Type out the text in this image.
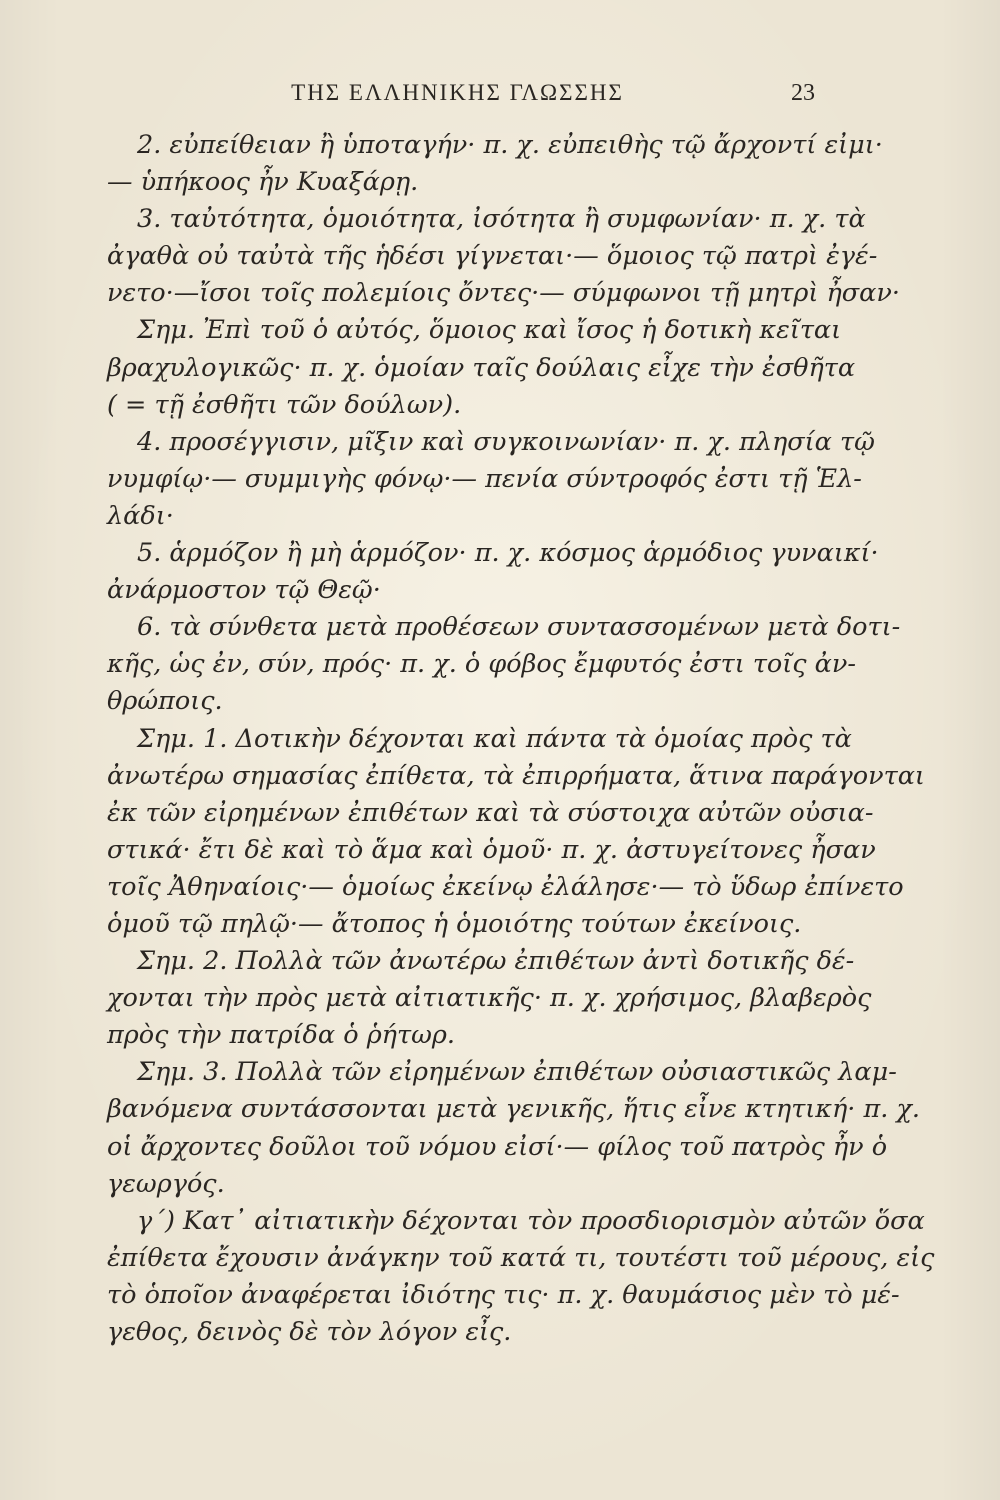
ΤΗΣ ΕΛΛΗΝΙΚΗΣ ΓΛΩΣΣΗΣ	23
2. εὐπείθειαν ἢ ὑποταγήν· π. χ. εὐπειθὴς τῷ ἄρχοντί εἰμι·
— ὑπήκοος ἦν Κυαξάρῃ.
3. ταὐτότητα, ὁμοιότητα, ἰσότητα ἢ συμφωνίαν· π. χ. τὰ
ἀγαθὰ οὐ ταὐτὰ τῆς ἡδέσι γίγνεται·— ὅμοιος τῷ πατρὶ ἐγέ-
νετο·—ἴσοι τοῖς πολεμίοις ὄντες·— σύμφωνοι τῇ μητρὶ ἦσαν·
Σημ. Ἐπὶ τοῦ ὁ αὐτός, ὅμοιος καὶ ἴσος ἡ δοτικὴ κεῖται
βραχυλογικῶς· π. χ. ὁμοίαν ταῖς δούλαις εἶχε τὴν ἐσθῆτα
( = τῇ ἐσθῆτι τῶν δούλων).
4. προσέγγισιν, μῖξιν καὶ συγκοινωνίαν· π. χ. πλησία τῷ
νυμφίῳ·— συμμιγὴς φόνῳ·— πενία σύντροφός ἐστι τῇ Ἑλ-
λάδι·
5. ἁρμόζον ἢ μὴ ἁρμόζον· π. χ. κόσμος ἁρμόδιος γυναικί·
ἀνάρμοστον τῷ Θεῷ·
6. τὰ σύνθετα μετὰ προθέσεων συντασσομένων μετὰ δοτι-
κῆς, ὡς ἐν, σύν, πρός· π. χ. ὁ φόβος ἔμφυτός ἐστι τοῖς ἀν-
θρώποις.
Σημ. 1. Δοτικὴν δέχονται καὶ πάντα τὰ ὁμοίας πρὸς τὰ
ἀνωτέρω σημασίας ἐπίθετα, τὰ ἐπιρρήματα, ἅτινα παράγονται
ἐκ τῶν εἰρημένων ἐπιθέτων καὶ τὰ σύστοιχα αὐτῶν οὐσια-
στικά· ἔτι δὲ καὶ τὸ ἅμα καὶ ὁμοῦ· π. χ. ἀστυγείτονες ἦσαν
τοῖς Ἀθηναίοις·— ὁμοίως ἐκείνῳ ἐλάλησε·— τὸ ὕδωρ ἐπίνετο
ὁμοῦ τῷ πηλῷ·— ἄτοπος ἡ ὁμοιότης τούτων ἐκείνοις.
Σημ. 2. Πολλὰ τῶν ἀνωτέρω ἐπιθέτων ἀντὶ δοτικῆς δέ-
χονται τὴν πρὸς μετὰ αἰτιατικῆς· π. χ. χρήσιμος, βλαβερὸς
πρὸς τὴν πατρίδα ὁ ῥήτωρ.
Σημ. 3. Πολλὰ τῶν εἰρημένων ἐπιθέτων οὐσιαστικῶς λαμ-
βανόμενα συντάσσονται μετὰ γενικῆς, ἥτις εἶνε κτητική· π. χ.
οἱ ἄρχοντες δοῦλοι τοῦ νόμου εἰσί·— φίλος τοῦ πατρὸς ἦν ὁ
γεωργός.
γ΄) Κατ᾽ αἰτιατικὴν δέχονται τὸν προσδιορισμὸν αὐτῶν ὅσα
ἐπίθετα ἔχουσιν ἀνάγκην τοῦ κατά τι, τουτέστι τοῦ μέρους, εἰς
τὸ ὁποῖον ἀναφέρεται ἰδιότης τις· π. χ. θαυμάσιος μὲν τὸ μέ-
γεθος, δεινὸς δὲ τὸν λόγον εἶς.
